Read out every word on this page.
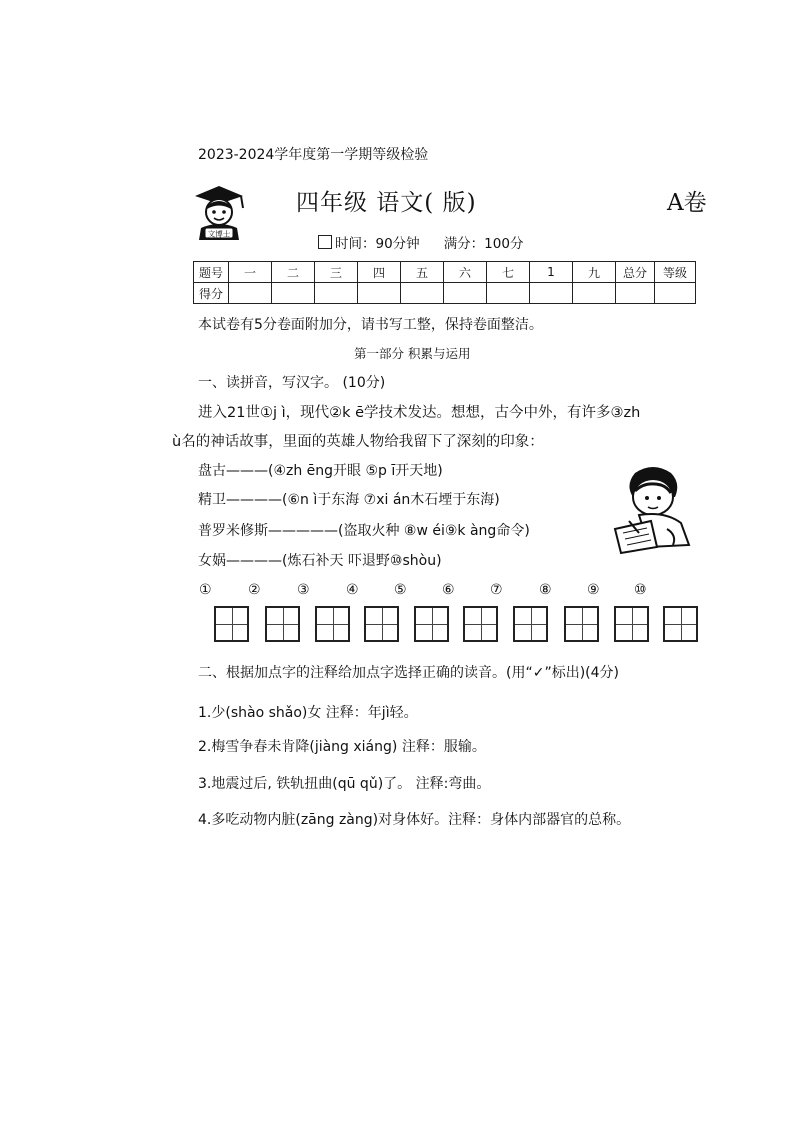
2023-2024学年度第一学期等级检验
文博士
四年级 语文( 版)	A卷
时间：90分钟 满分：100分
题号	一	二	三	四	五	六	七	1	九	总分	等级
得分											
本试卷有5分卷面附加分，请书写工整，保持卷面整洁。
第一部分 积累与运用
一、读拼音，写汉字。 (10分)
进入21世①j ì，现代②k ē学技术发达。想想，古今中外，有许多③zh
ù名的神话故事，里面的英雄人物给我留下了深刻的印象：
盘古———(④zh ēng开眼 ⑤p ī开天地)
精卫————(⑥n ì于东海 ⑦xi án木石堙于东海)
普罗米修斯—————(盗取火种 ⑧w éi⑨k àng命令)
女娲————(炼石补天 吓退野⑩shòu)
①	②	③	④	⑤	⑥	⑦	⑧	⑨ ⑩
二、根据加点字的注释给加点字选择正确的读音。(用“✓”标出)(4分)
1.少(shào shǎo)女 注释：年jì轻。
2.梅雪争春未肯降(jiàng xiáng) 注释：服输。
3.地震过后, 铁轨扭曲(qū qǔ)了。 注释:弯曲。
4.多吃动物内脏(zāng zàng)对身体好。注释：身体内部器官的总称。
